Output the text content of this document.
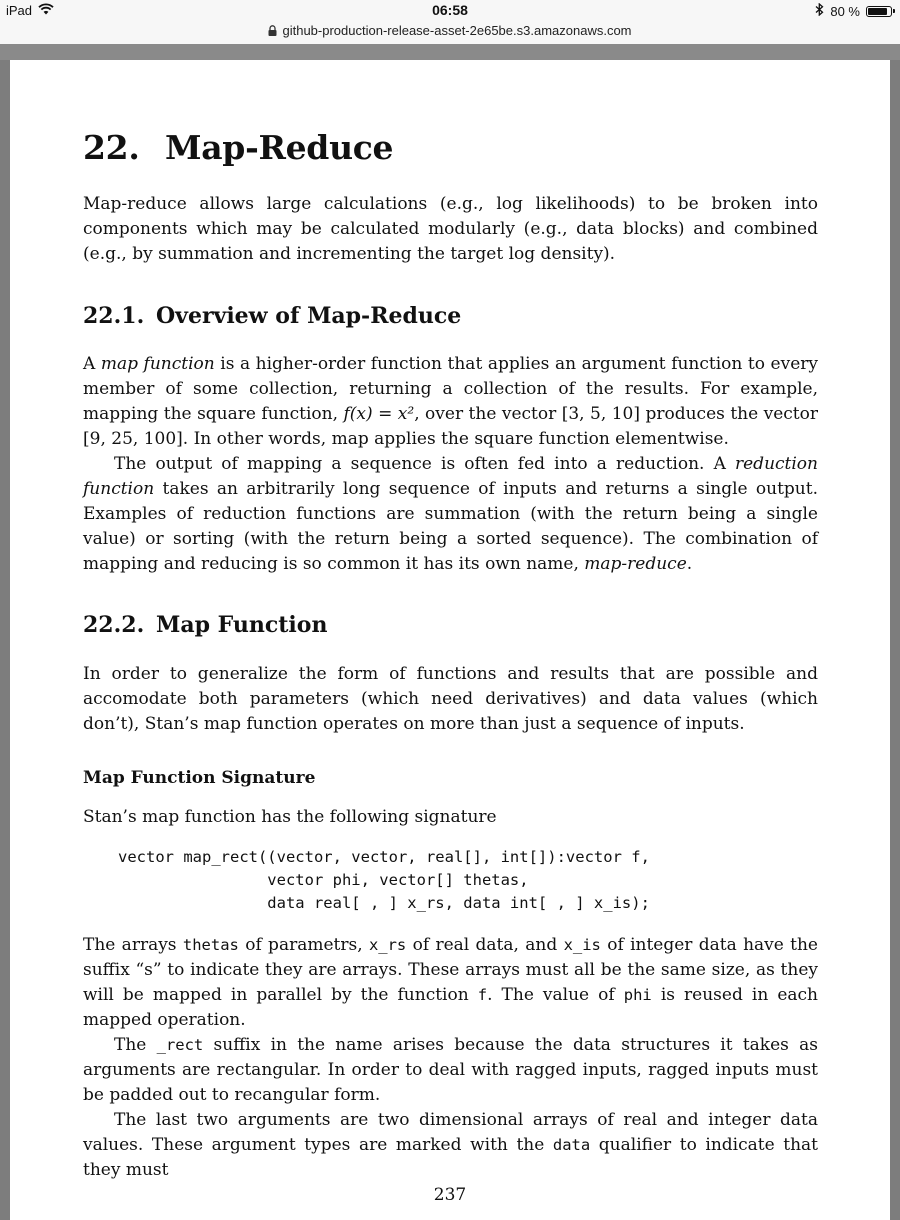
iPad	06:58	80 %
github-production-release-asset-2e65be.s3.amazonaws.com
22. Map-Reduce

Map-reduce allows large calculations (e.g., log likelihoods) to be broken into components which may be calculated modularly (e.g., data blocks) and combined (e.g., by summation and incrementing the target log density).

22.1. Overview of Map-Reduce

A map function is a higher-order function that applies an argument function to every member of some collection, returning a collection of the results. For example, mapping the square function, f(x) = x², over the vector [3, 5, 10] produces the vector [9, 25, 100]. In other words, map applies the square function elementwise.

The output of mapping a sequence is often fed into a reduction. A reduction function takes an arbitrarily long sequence of inputs and returns a single output. Examples of reduction functions are summation (with the return being a single value) or sorting (with the return being a sorted sequence). The combination of mapping and reducing is so common it has its own name, map-reduce.

22.2. Map Function

In order to generalize the form of functions and results that are possible and accomodate both parameters (which need derivatives) and data values (which don’t), Stan’s map function operates on more than just a sequence of inputs.

Map Function Signature

Stan’s map function has the following signature

vector map_rect((vector, vector, real[], int[]):vector f,
vector phi, vector[] thetas,
data real[ , ] x_rs, data int[ , ] x_is);

The arrays thetas of parametrs, x_rs of real data, and x_is of integer data have the suffix “s” to indicate they are arrays. These arrays must all be the same size, as they will be mapped in parallel by the function f. The value of phi is reused in each mapped operation.

The _rect suffix in the name arises because the data structures it takes as arguments are rectangular. In order to deal with ragged inputs, ragged inputs must be padded out to recangular form.

The last two arguments are two dimensional arrays of real and integer data values. These argument types are marked with the data qualifier to indicate that they must

237
